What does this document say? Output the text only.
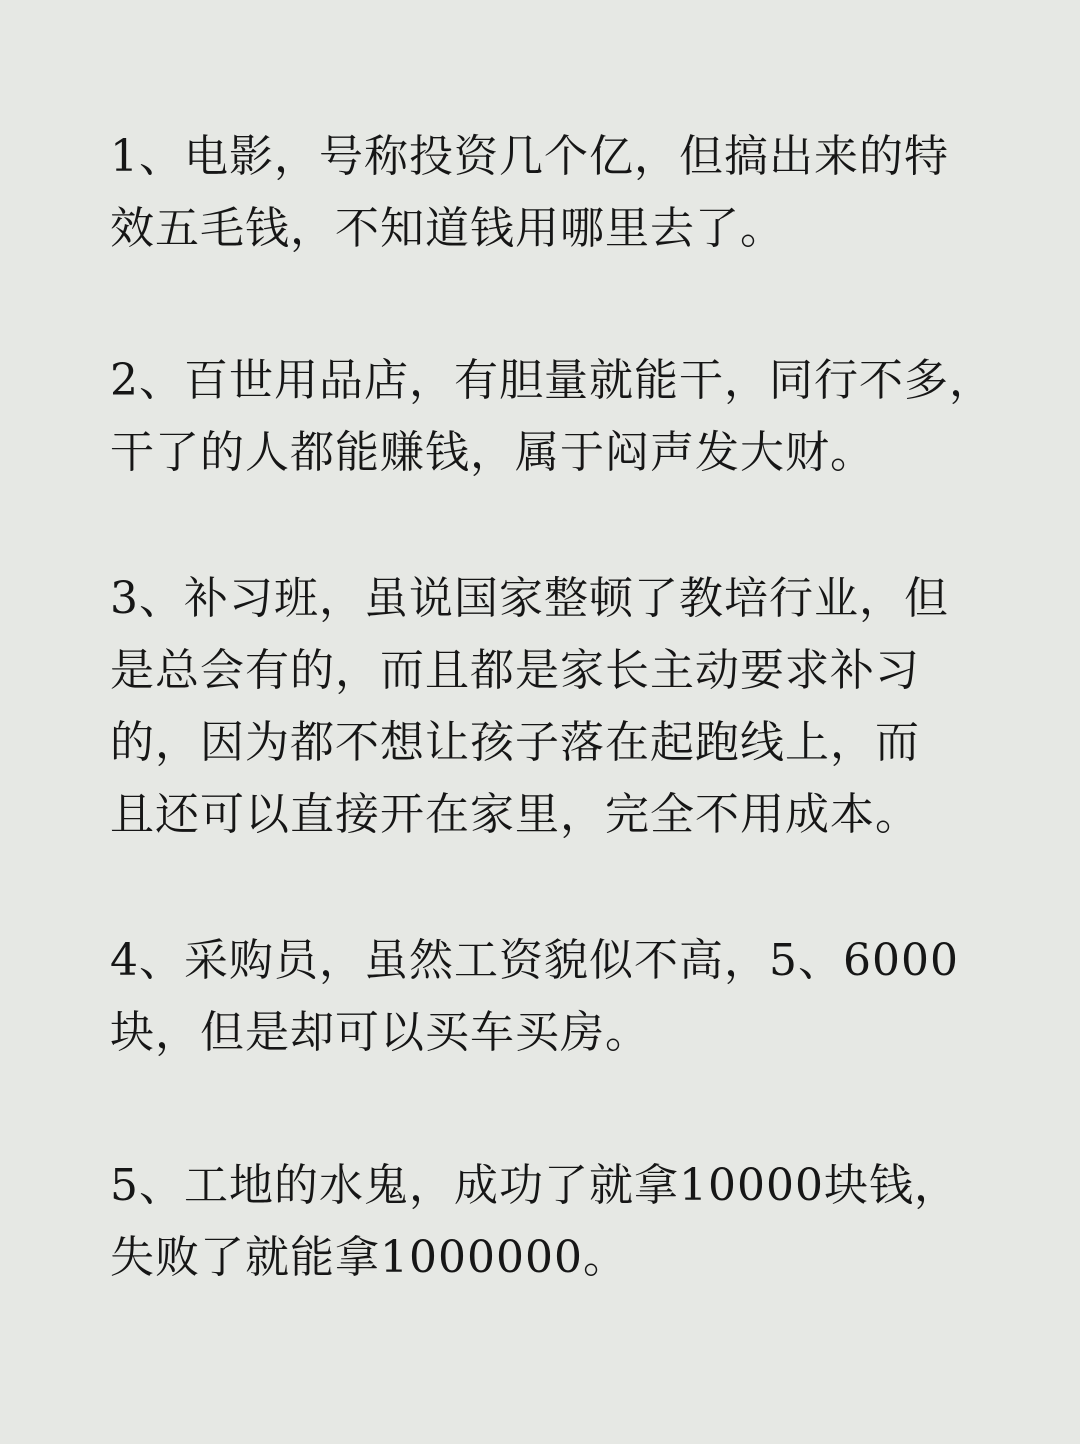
1、电影，号称投资几个亿，但搞出来的特
效五毛钱，不知道钱用哪里去了。
2、百世用品店，有胆量就能干，同行不多，
干了的人都能赚钱，属于闷声发大财。
3、补习班，虽说国家整顿了教培行业，但
是总会有的，而且都是家长主动要求补习
的，因为都不想让孩子落在起跑线上，而
且还可以直接开在家里，完全不用成本。
4、采购员，虽然工资貌似不高，5、6000
块，但是却可以买车买房。
5、工地的水鬼，成功了就拿10000块钱，
失败了就能拿1000000。
